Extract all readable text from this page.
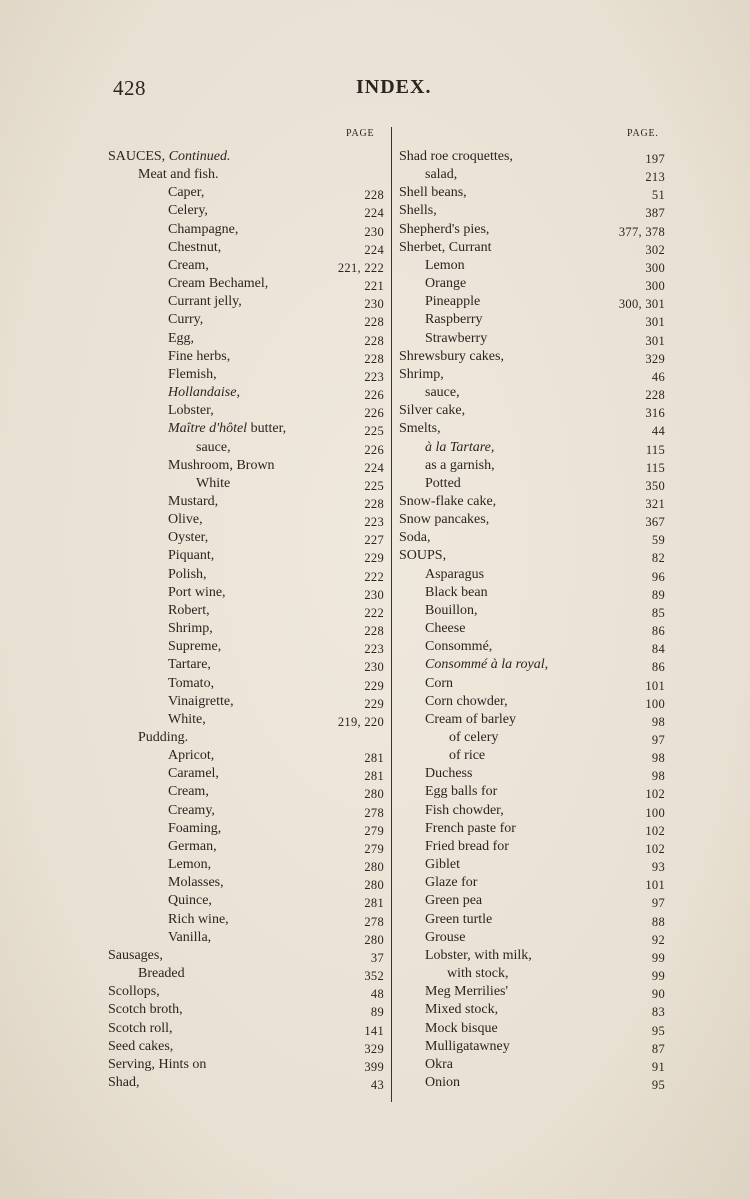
428	INDEX.
PAGE	PAGE.
SAUCES, Continued.
Meat and fish.
Caper,	228
Celery,	224
Champagne,	230
Chestnut,	224
Cream,	221, 222
Cream Bechamel,	221
Currant jelly,	230
Curry,	228
Egg,	228
Fine herbs,	228
Flemish,	223
Hollandaise,	226
Lobster,	226
Maître d'hôtel butter,	225
sauce,	226
Mushroom, Brown	224
White	225
Mustard,	228
Olive,	223
Oyster,	227
Piquant,	229
Polish,	222
Port wine,	230
Robert,	222
Shrimp,	228
Supreme,	223
Tartare,	230
Tomato,	229
Vinaigrette,	229
White,	219, 220
Pudding.
Apricot,	281
Caramel,	281
Cream,	280
Creamy,	278
Foaming,	279
German,	279
Lemon,	280
Molasses,	280
Quince,	281
Rich wine,	278
Vanilla,	280
Sausages,	37
Breaded	352
Scollops,	48
Scotch broth,	89
Scotch roll,	141
Seed cakes,	329
Serving, Hints on	399
Shad,	43
Shad roe croquettes,	197
salad,	213
Shell beans,	51
Shells,	387
Shepherd's pies,	377, 378
Sherbet, Currant	302
Lemon	300
Orange	300
Pineapple	300, 301
Raspberry	301
Strawberry	301
Shrewsbury cakes,	329
Shrimp,	46
sauce,	228
Silver cake,	316
Smelts,	44
à la Tartare,	115
as a garnish,	115
Potted	350
Snow-flake cake,	321
Snow pancakes,	367
Soda,	59
SOUPS,	82
Asparagus	96
Black bean	89
Bouillon,	85
Cheese	86
Consommé,	84
Consommé à la royal,	86
Corn	101
Corn chowder,	100
Cream of barley	98
of celery	97
of rice	98
Duchess	98
Egg balls for	102
Fish chowder,	100
French paste for	102
Fried bread for	102
Giblet	93
Glaze for	101
Green pea	97
Green turtle	88
Grouse	92
Lobster, with milk,	99
with stock,	99
Meg Merrilies'	90
Mixed stock,	83
Mock bisque	95
Mulligatawney	87
Okra	91
Onion	95
